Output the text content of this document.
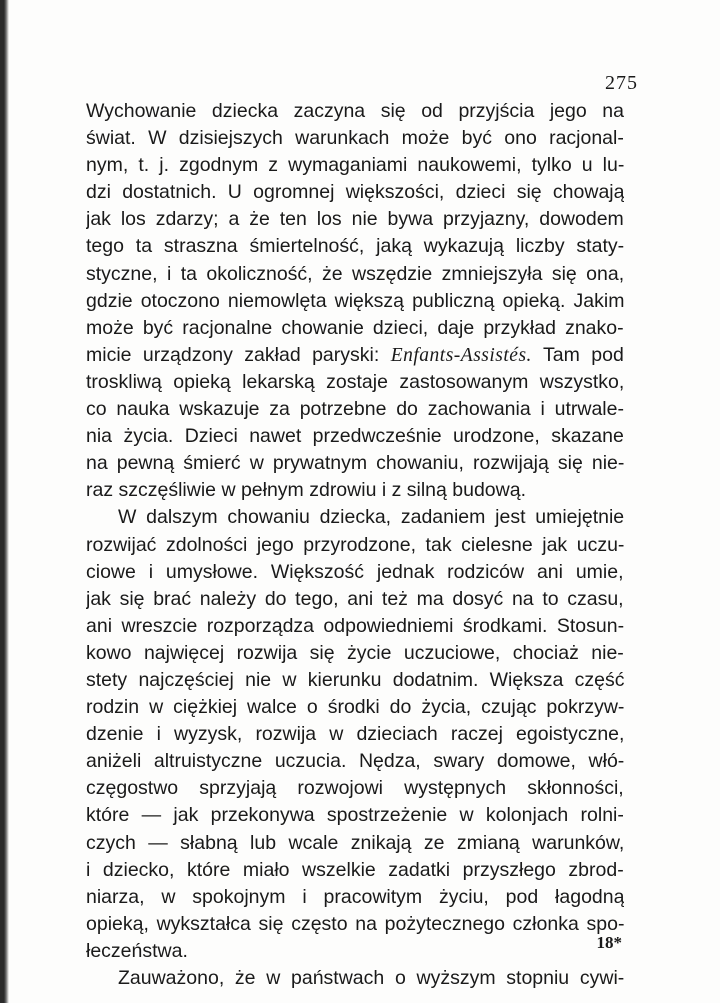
275
Wychowanie dziecka zaczyna się od przyjścia jego na
świat. W dzisiejszych warunkach może być ono racjonal-
nym, t. j. zgodnym z wymaganiami naukowemi, tylko u lu-
dzi dostatnich. U ogromnej większości, dzieci się chowają
jak los zdarzy; a że ten los nie bywa przyjazny, dowodem
tego ta straszna śmiertelność, jaką wykazują liczby staty-
styczne, i ta okoliczność, że wszędzie zmniejszyła się ona,
gdzie otoczono niemowlęta większą publiczną opieką. Jakim
może być racjonalne chowanie dzieci, daje przykład znako-
micie urządzony zakład paryski: Enfants-Assistés. Tam pod
troskliwą opieką lekarską zostaje zastosowanym wszystko,
co nauka wskazuje za potrzebne do zachowania i utrwale-
nia życia. Dzieci nawet przedwcześnie urodzone, skazane
na pewną śmierć w prywatnym chowaniu, rozwijają się nie-
raz szczęśliwie w pełnym zdrowiu i z silną budową.
W dalszym chowaniu dziecka, zadaniem jest umiejętnie
rozwijać zdolności jego przyrodzone, tak cielesne jak uczu-
ciowe i umysłowe. Większość jednak rodziców ani umie,
jak się brać należy do tego, ani też ma dosyć na to czasu,
ani wreszcie rozporządza odpowiedniemi środkami. Stosun-
kowo najwięcej rozwija się życie uczuciowe, chociaż nie-
stety najczęściej nie w kierunku dodatnim. Większa część
rodzin w ciężkiej walce o środki do życia, czując pokrzyw-
dzenie i wyzysk, rozwija w dzieciach raczej egoistyczne,
aniżeli altruistyczne uczucia. Nędza, swary domowe, włó-
częgostwo sprzyjają rozwojowi występnych skłonności,
które — jak przekonywa spostrzeżenie w kolonjach rolni-
czych — słabną lub wcale znikają ze zmianą warunków,
i dziecko, które miało wszelkie zadatki przyszłego zbrod-
niarza, w spokojnym i pracowitym życiu, pod łagodną
opieką, wykształca się często na pożytecznego członka spo-
łeczeństwa.
Zauważono, że w państwach o wyższym stopniu cywi-
18*
